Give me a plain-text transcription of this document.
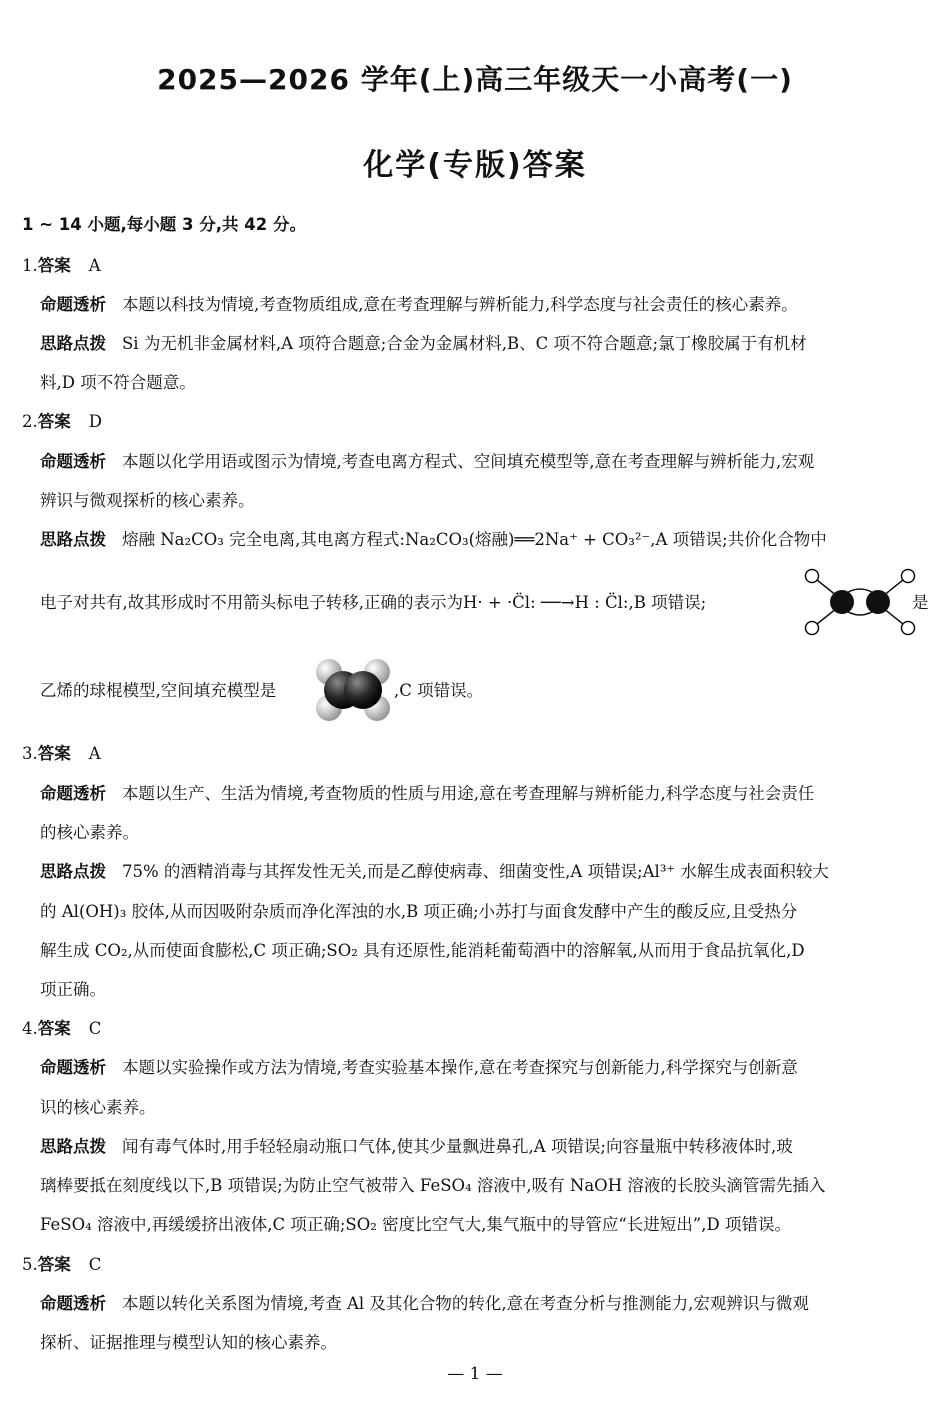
2025—2026 学年(上)高三年级天一小高考(一)
化学(专版)答案
1 ~ 14 小题,每小题 3 分,共 42 分。
1.答案 A
命题透析 本题以科技为情境,考查物质组成,意在考查理解与辨析能力,科学态度与社会责任的核心素养。
思路点拨 Si 为无机非金属材料,A 项符合题意;合金为金属材料,B、C 项不符合题意;氯丁橡胶属于有机材
料,D 项不符合题意。
2.答案 D
命题透析 本题以化学用语或图示为情境,考查电离方程式、空间填充模型等,意在考查理解与辨析能力,宏观
辨识与微观探析的核心素养。
思路点拨 熔融 Na₂CO₃ 完全电离,其电离方程式:Na₂CO₃(熔融)══2Na⁺ + CO₃²⁻,A 项错误;共价化合物中
电子对共有,故其形成时不用箭头标电子转移,正确的表示为H· + ·C̈l: ──→H : C̈l:,B 项错误;	是
乙烯的球棍模型,空间填充模型是	,C 项错误。
3.答案 A
命题透析 本题以生产、生活为情境,考查物质的性质与用途,意在考查理解与辨析能力,科学态度与社会责任
的核心素养。
思路点拨 75% 的酒精消毒与其挥发性无关,而是乙醇使病毒、细菌变性,A 项错误;Al³⁺ 水解生成表面积较大
的 Al(OH)₃ 胶体,从而因吸附杂质而净化浑浊的水,B 项正确;小苏打与面食发酵中产生的酸反应,且受热分
解生成 CO₂,从而使面食膨松,C 项正确;SO₂ 具有还原性,能消耗葡萄酒中的溶解氧,从而用于食品抗氧化,D
项正确。
4.答案 C
命题透析 本题以实验操作或方法为情境,考查实验基本操作,意在考查探究与创新能力,科学探究与创新意
识的核心素养。
思路点拨 闻有毒气体时,用手轻轻扇动瓶口气体,使其少量飘进鼻孔,A 项错误;向容量瓶中转移液体时,玻
璃棒要抵在刻度线以下,B 项错误;为防止空气被带入 FeSO₄ 溶液中,吸有 NaOH 溶液的长胶头滴管需先插入
FeSO₄ 溶液中,再缓缓挤出液体,C 项正确;SO₂ 密度比空气大,集气瓶中的导管应“长进短出”,D 项错误。
5.答案 C
命题透析 本题以转化关系图为情境,考查 Al 及其化合物的转化,意在考查分析与推测能力,宏观辨识与微观
探析、证据推理与模型认知的核心素养。
— 1 —
